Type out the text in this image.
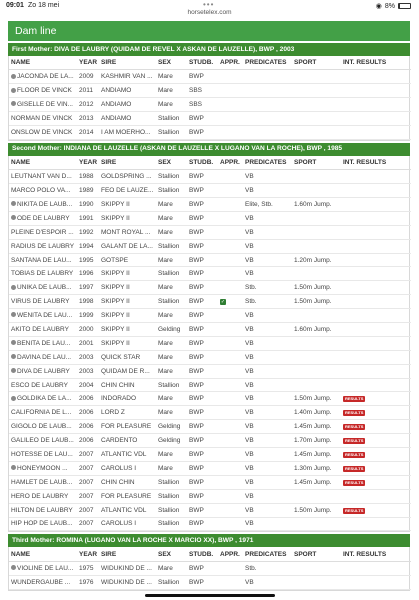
09:01 Zo 18 mei	•••	◉ 8%
horsetelex.com
Dam line
First Mother: DIVA DE LAUBRY (QUIDAM DE REVEL X ASKAN DE LAUZELLE), BWP , 2003
NAME	YEAR	SIRE	SEX	STUDB.	APPR.	PREDICATES	SPORT	INT. RESULTS
JACONDA DE LA...	2009	KASHMIR VAN ...	Mare	BWP				
FLOOR DE VINCK	2011	ANDIAMO	Mare	SBS				
GISELLE DE VIN...	2012	ANDIAMO	Mare	SBS				
NORMAN DE VINCK	2013	ANDIAMO	Stallion	BWP				
ONSLOW DE VINCK	2014	I AM MOERHO...	Stallion	BWP				
Second Mother: INDIANA DE LAUZELLE (ASKAN DE LAUZELLE X LUGANO VAN LA ROCHE), BWP , 1985
NAME	YEAR	SIRE	SEX	STUDB.	APPR.	PREDICATES	SPORT	INT. RESULTS
LEUTNANT VAN D...	1988	GOLDSPRING ...	Stallion	BWP		VB		
MARCO POLO VA...	1989	FEO DE LAUZE...	Stallion	BWP		VB		
NIKITA DE LAUB...	1990	SKIPPY II	Mare	BWP		Elite, Stb.	1.60m Jump.	
ODE DE LAUBRY	1991	SKIPPY II	Mare	BWP		VB		
PLEINE D'ESPOIR ...	1992	MONT ROYAL ...	Mare	BWP		VB		
RADIUS DE LAUBRY	1994	GALANT DE LA...	Stallion	BWP		VB		
SANTANA DE LAU...	1995	GOTSPE	Mare	BWP		VB	1.20m Jump.	
TOBIAS DE LAUBRY	1996	SKIPPY II	Stallion	BWP		VB		
UNIKA DE LAUB...	1997	SKIPPY II	Mare	BWP		Stb.	1.50m Jump.	
VIRUS DE LAUBRY	1998	SKIPPY II	Stallion	BWP	✓	Stb.	1.50m Jump.	
WENITA DE LAU...	1999	SKIPPY II	Mare	BWP		VB		
AKITO DE LAUBRY	2000	SKIPPY II	Gelding	BWP		VB	1.60m Jump.	
BENITA DE LAU...	2001	SKIPPY II	Mare	BWP		VB		
DAVINA DE LAU...	2003	QUICK STAR	Mare	BWP		VB		
DIVA DE LAUBRY	2003	QUIDAM DE R...	Mare	BWP		VB		
ESCO DE LAUBRY	2004	CHIN CHIN	Stallion	BWP		VB		
GOLDIKA DE LA...	2006	INDORADO	Mare	BWP		VB	1.50m Jump.	RESULTS
CALIFORNIA DE L...	2006	LORD Z	Mare	BWP		VB	1.40m Jump.	RESULTS
GIGOLO DE LAUB...	2006	FOR PLEASURE	Gelding	BWP		VB	1.45m Jump.	RESULTS
GALILEO DE LAUB...	2006	CARDENTO	Gelding	BWP		VB	1.70m Jump.	RESULTS
HOTESSE DE LAU...	2007	ATLANTIC VDL	Mare	BWP		VB	1.45m Jump.	RESULTS
HONEYMOON ...	2007	CAROLUS I	Mare	BWP		VB	1.30m Jump.	RESULTS
HAMLET DE LAUB...	2007	CHIN CHIN	Stallion	BWP		VB	1.45m Jump.	RESULTS
HERO DE LAUBRY	2007	FOR PLEASURE	Stallion	BWP		VB		
HILTON DE LAUBRY	2007	ATLANTIC VDL	Stallion	BWP		VB	1.50m Jump.	RESULTS
HIP HOP DE LAUB...	2007	CAROLUS I	Stallion	BWP		VB		
Third Mother: ROMINA (LUGANO VAN LA ROCHE X MARCIO XX), BWP , 1971
NAME	YEAR	SIRE	SEX	STUDB.	APPR.	PREDICATES	SPORT	INT. RESULTS
VIOLINE DE LAU...	1975	WIDUKIND DE ...	Mare	BWP		Stb.		
WUNDERGAUBE ...	1976	WIDUKIND DE ...	Stallion	BWP		VB		
